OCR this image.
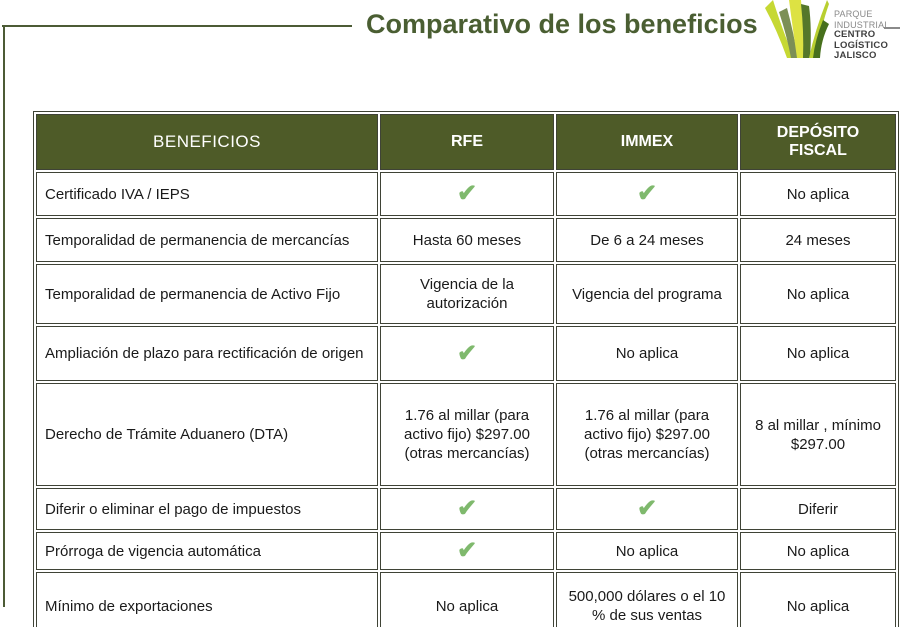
Comparativo de los beneficios	PARQUE
INDUSTRIAL
CENTRO
LOGÍSTICO
JALISCO
BENEFICIOS	RFE	IMMEX	DEPÓSITO FISCAL
Certificado IVA / IEPS	✔	✔	No aplica
Temporalidad de permanencia de mercancías	Hasta 60 meses	De 6 a 24 meses	24 meses
Temporalidad de permanencia de Activo Fijo	Vigencia de la autorización	Vigencia del programa	No aplica
Ampliación de plazo para rectificación de origen	✔	No aplica	No aplica
Derecho de Trámite Aduanero (DTA)	1.76 al millar (para activo fijo) $297.00 (otras mercancías)	1.76 al millar (para activo fijo) $297.00 (otras mercancías)	8 al millar , mínimo $297.00
Diferir o eliminar el pago de impuestos	✔	✔	Diferir
Prórroga de vigencia automática	✔	No aplica	No aplica
Mínimo de exportaciones	No aplica	500,000 dólares o el 10 % de sus ventas	No aplica
